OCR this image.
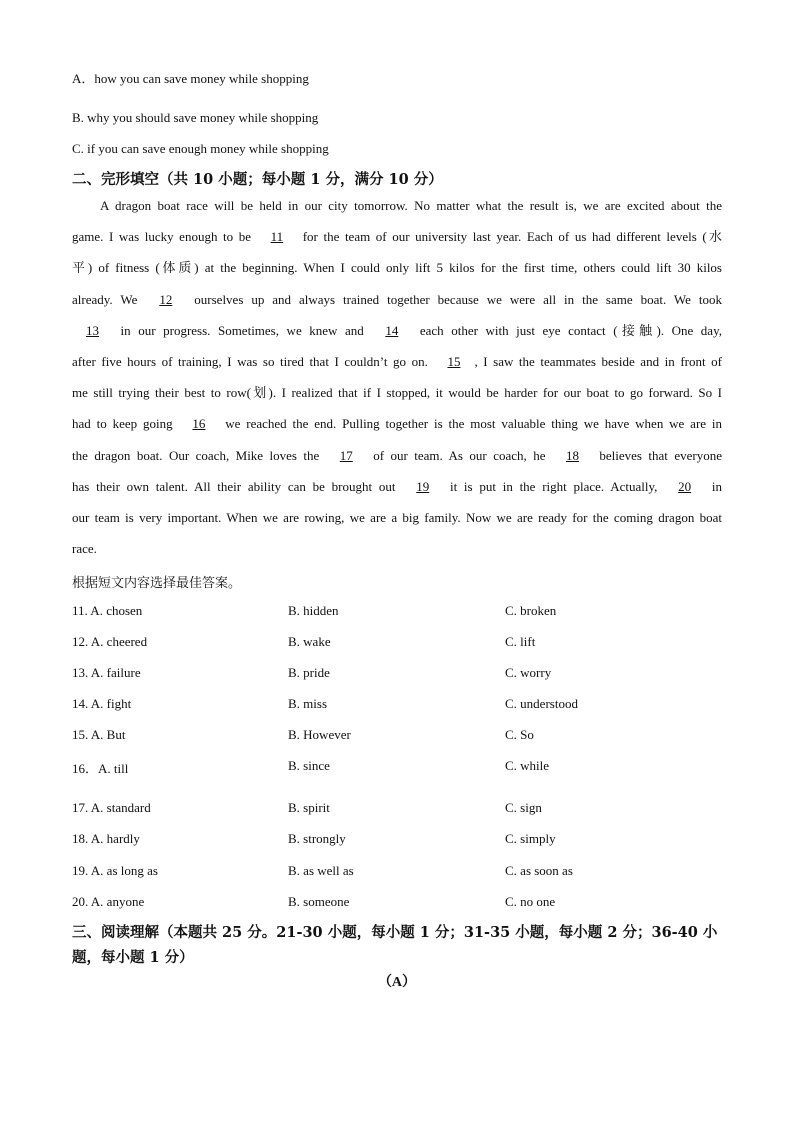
A．how you can save money while shopping
B. why you should save money while shopping
C. if you can save enough money while shopping
二、完形填空（共 10 小题；每小题 1 分，满分 10 分）
A dragon boat race will be held in our city tomorrow. No matter what the result is, we are excited about the
game. I was lucky enough to be 11 for the team of our university last year. Each of us had different levels (水
平) of fitness (体质) at the beginning. When I could only lift 5 kilos for the first time, others could lift 30 kilos
already. We 12 ourselves up and always trained together because we were all in the same boat. We took
13 in our progress. Sometimes, we knew and 14 each other with just eye contact (接触). One day,
after five hours of training, I was so tired that I couldn’t go on. 15 , I saw the teammates beside and in front of
me still trying their best to row(划). I realized that if I stopped, it would be harder for our boat to go forward. So I
had to keep going 16 we reached the end. Pulling together is the most valuable thing we have when we are in
the dragon boat. Our coach, Mike loves the 17 of our team. As our coach, he 18 believes that everyone
has their own talent. All their ability can be brought out 19 it is put in the right place. Actually, 20 in
our team is very important. When we are rowing, we are a big family. Now we are ready for the coming dragon boat
race.
根据短文内容选择最佳答案。
11. A. chosen	B. hidden	C. broken
12. A. cheered	B. wake	C. lift
13. A. failure	B. pride	C. worry
14. A. fight	B. miss	C. understood
15. A. But	B. However	C. So
16．A. till	B. since	C. while
17. A. standard	B. spirit	C. sign
18. A. hardly	B. strongly	C. simply
19. A. as long as	B. as well as	C. as soon as
20. A. anyone	B. someone	C. no one
三、阅读理解（本题共 25 分。21-30 小题，每小题 1 分；31-35 小题，每小题 2 分；36-40 小
题，每小题 1 分）
（A）
